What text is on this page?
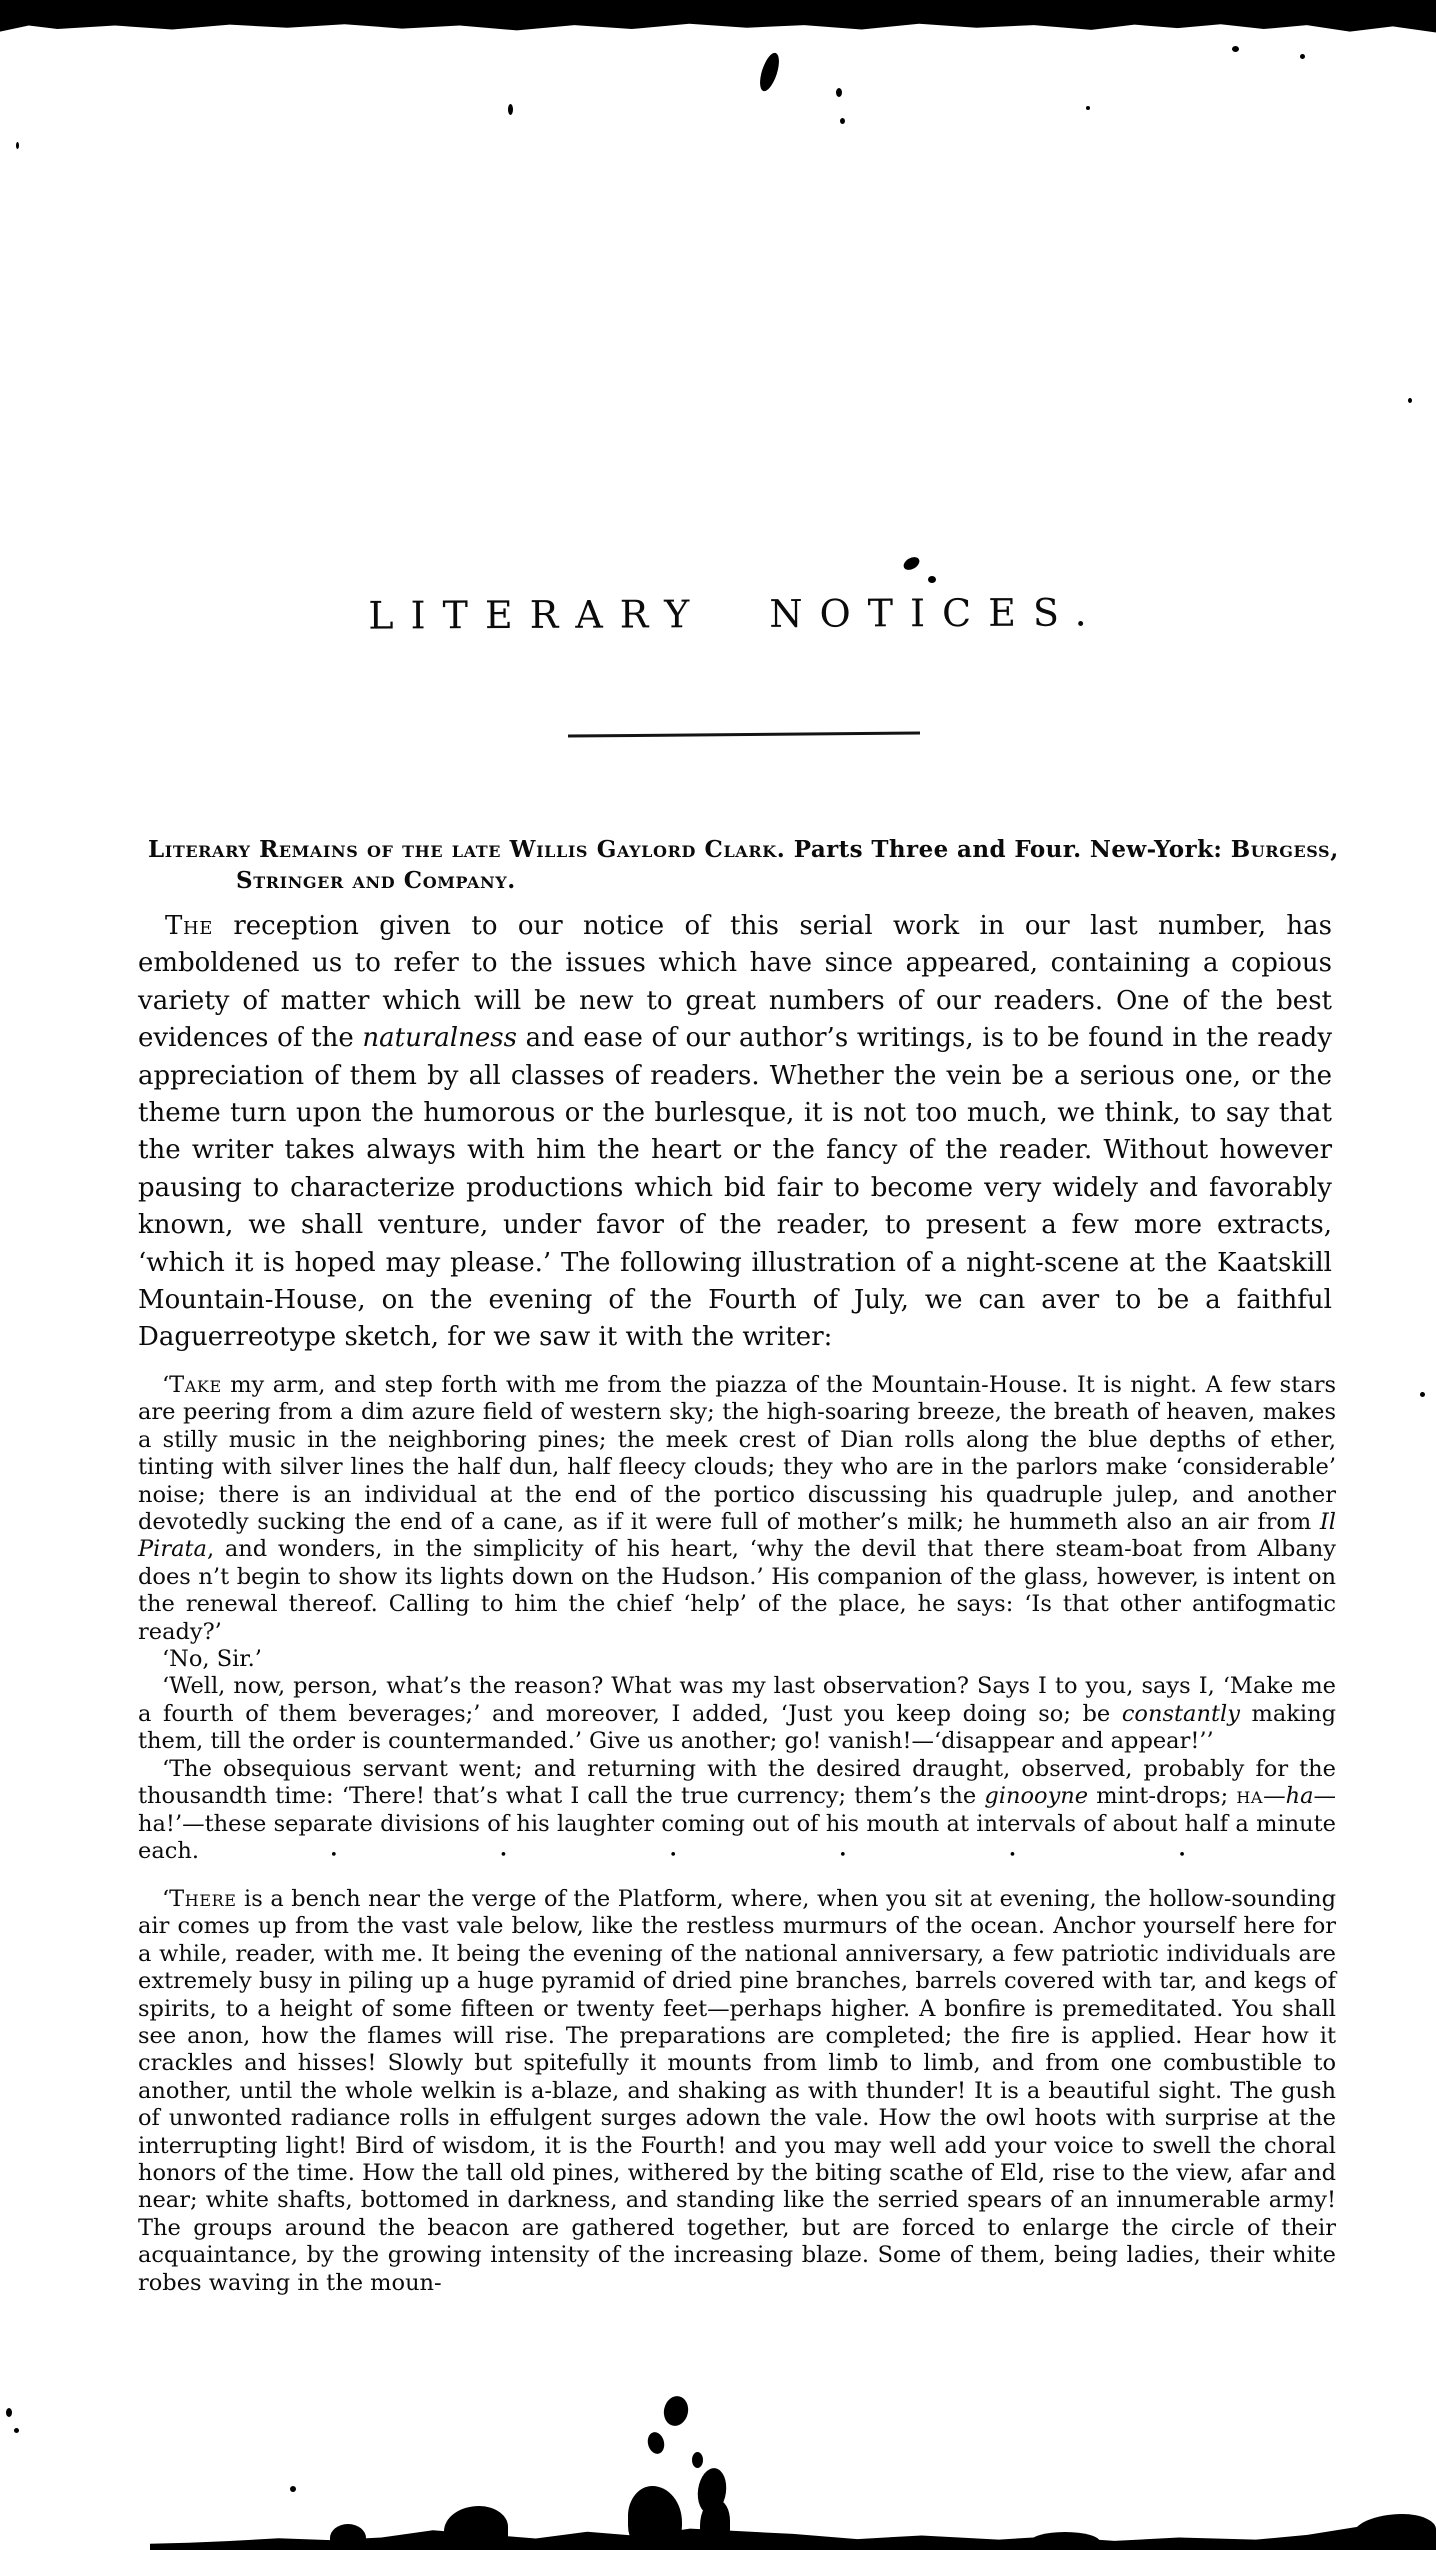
LITERARY NOTICES.

Literary Remains of the late Willis Gaylord Clark. Parts Three and Four. New-York: Burgess, Stringer and Company.

The reception given to our notice of this serial work in our last number, has emboldened us to refer to the issues which have since appeared, containing a copious variety of matter which will be new to great numbers of our readers. One of the best evidences of the naturalness and ease of our author’s writings, is to be found in the ready appreciation of them by all classes of readers. Whether the vein be a serious one, or the theme turn upon the humorous or the burlesque, it is not too much, we think, to say that the writer takes always with him the heart or the fancy of the reader. Without however pausing to characterize productions which bid fair to become very widely and favorably known, we shall venture, under favor of the reader, to present a few more extracts, ‘which it is hoped may please.’ The following illustration of a night-scene at the Kaatskill Mountain-House, on the evening of the Fourth of July, we can aver to be a faithful Daguerreotype sketch, for we saw it with the writer:

‘Take my arm, and step forth with me from the piazza of the Mountain-House. It is night. A few stars are peering from a dim azure field of western sky; the high-soaring breeze, the breath of heaven, makes a stilly music in the neighboring pines; the meek crest of Dian rolls along the blue depths of ether, tinting with silver lines the half dun, half fleecy clouds; they who are in the parlors make ‘considerable’ noise; there is an individual at the end of the portico discussing his quadruple julep, and another devotedly sucking the end of a cane, as if it were full of mother’s milk; he hummeth also an air from Il Pirata, and wonders, in the simplicity of his heart, ‘why the devil that there steam-boat from Albany does n’t begin to show its lights down on the Hudson.’ His companion of the glass, however, is intent on the renewal thereof. Calling to him the chief ‘help’ of the place, he says: ‘Is that other antifogmatic ready?’

‘No, Sir.’

‘Well, now, person, what’s the reason? What was my last observation? Says I to you, says I, ‘Make me a fourth of them beverages;’ and moreover, I added, ‘Just you keep doing so; be constantly making them, till the order is countermanded.’ Give us another; go! vanish!—‘disappear and appear!’’

‘The obsequious servant went; and returning with the desired draught, observed, probably for the thousandth time: ‘There! that’s what I call the true currency; them’s the ginooyne mint-drops; ha—ha—ha!’—these separate divisions of his laughter coming out of his mouth at intervals of about half a minute each.	•	•	•	•	•	•

‘There is a bench near the verge of the Platform, where, when you sit at evening, the hollow-sounding air comes up from the vast vale below, like the restless murmurs of the ocean. Anchor yourself here for a while, reader, with me. It being the evening of the national anniversary, a few patriotic individuals are extremely busy in piling up a huge pyramid of dried pine branches, barrels covered with tar, and kegs of spirits, to a height of some fifteen or twenty feet—perhaps higher. A bonfire is premeditated. You shall see anon, how the flames will rise. The preparations are completed; the fire is applied. Hear how it crackles and hisses! Slowly but spitefully it mounts from limb to limb, and from one combustible to another, until the whole welkin is a-blaze, and shaking as with thunder! It is a beautiful sight. The gush of unwonted radiance rolls in effulgent surges adown the vale. How the owl hoots with surprise at the interrupting light! Bird of wisdom, it is the Fourth! and you may well add your voice to swell the choral honors of the time. How the tall old pines, withered by the biting scathe of Eld, rise to the view, afar and near; white shafts, bottomed in darkness, and standing like the serried spears of an innumerable army! The groups around the beacon are gathered together, but are forced to enlarge the circle of their acquaintance, by the growing intensity of the increasing blaze. Some of them, being ladies, their white robes waving in the moun-
